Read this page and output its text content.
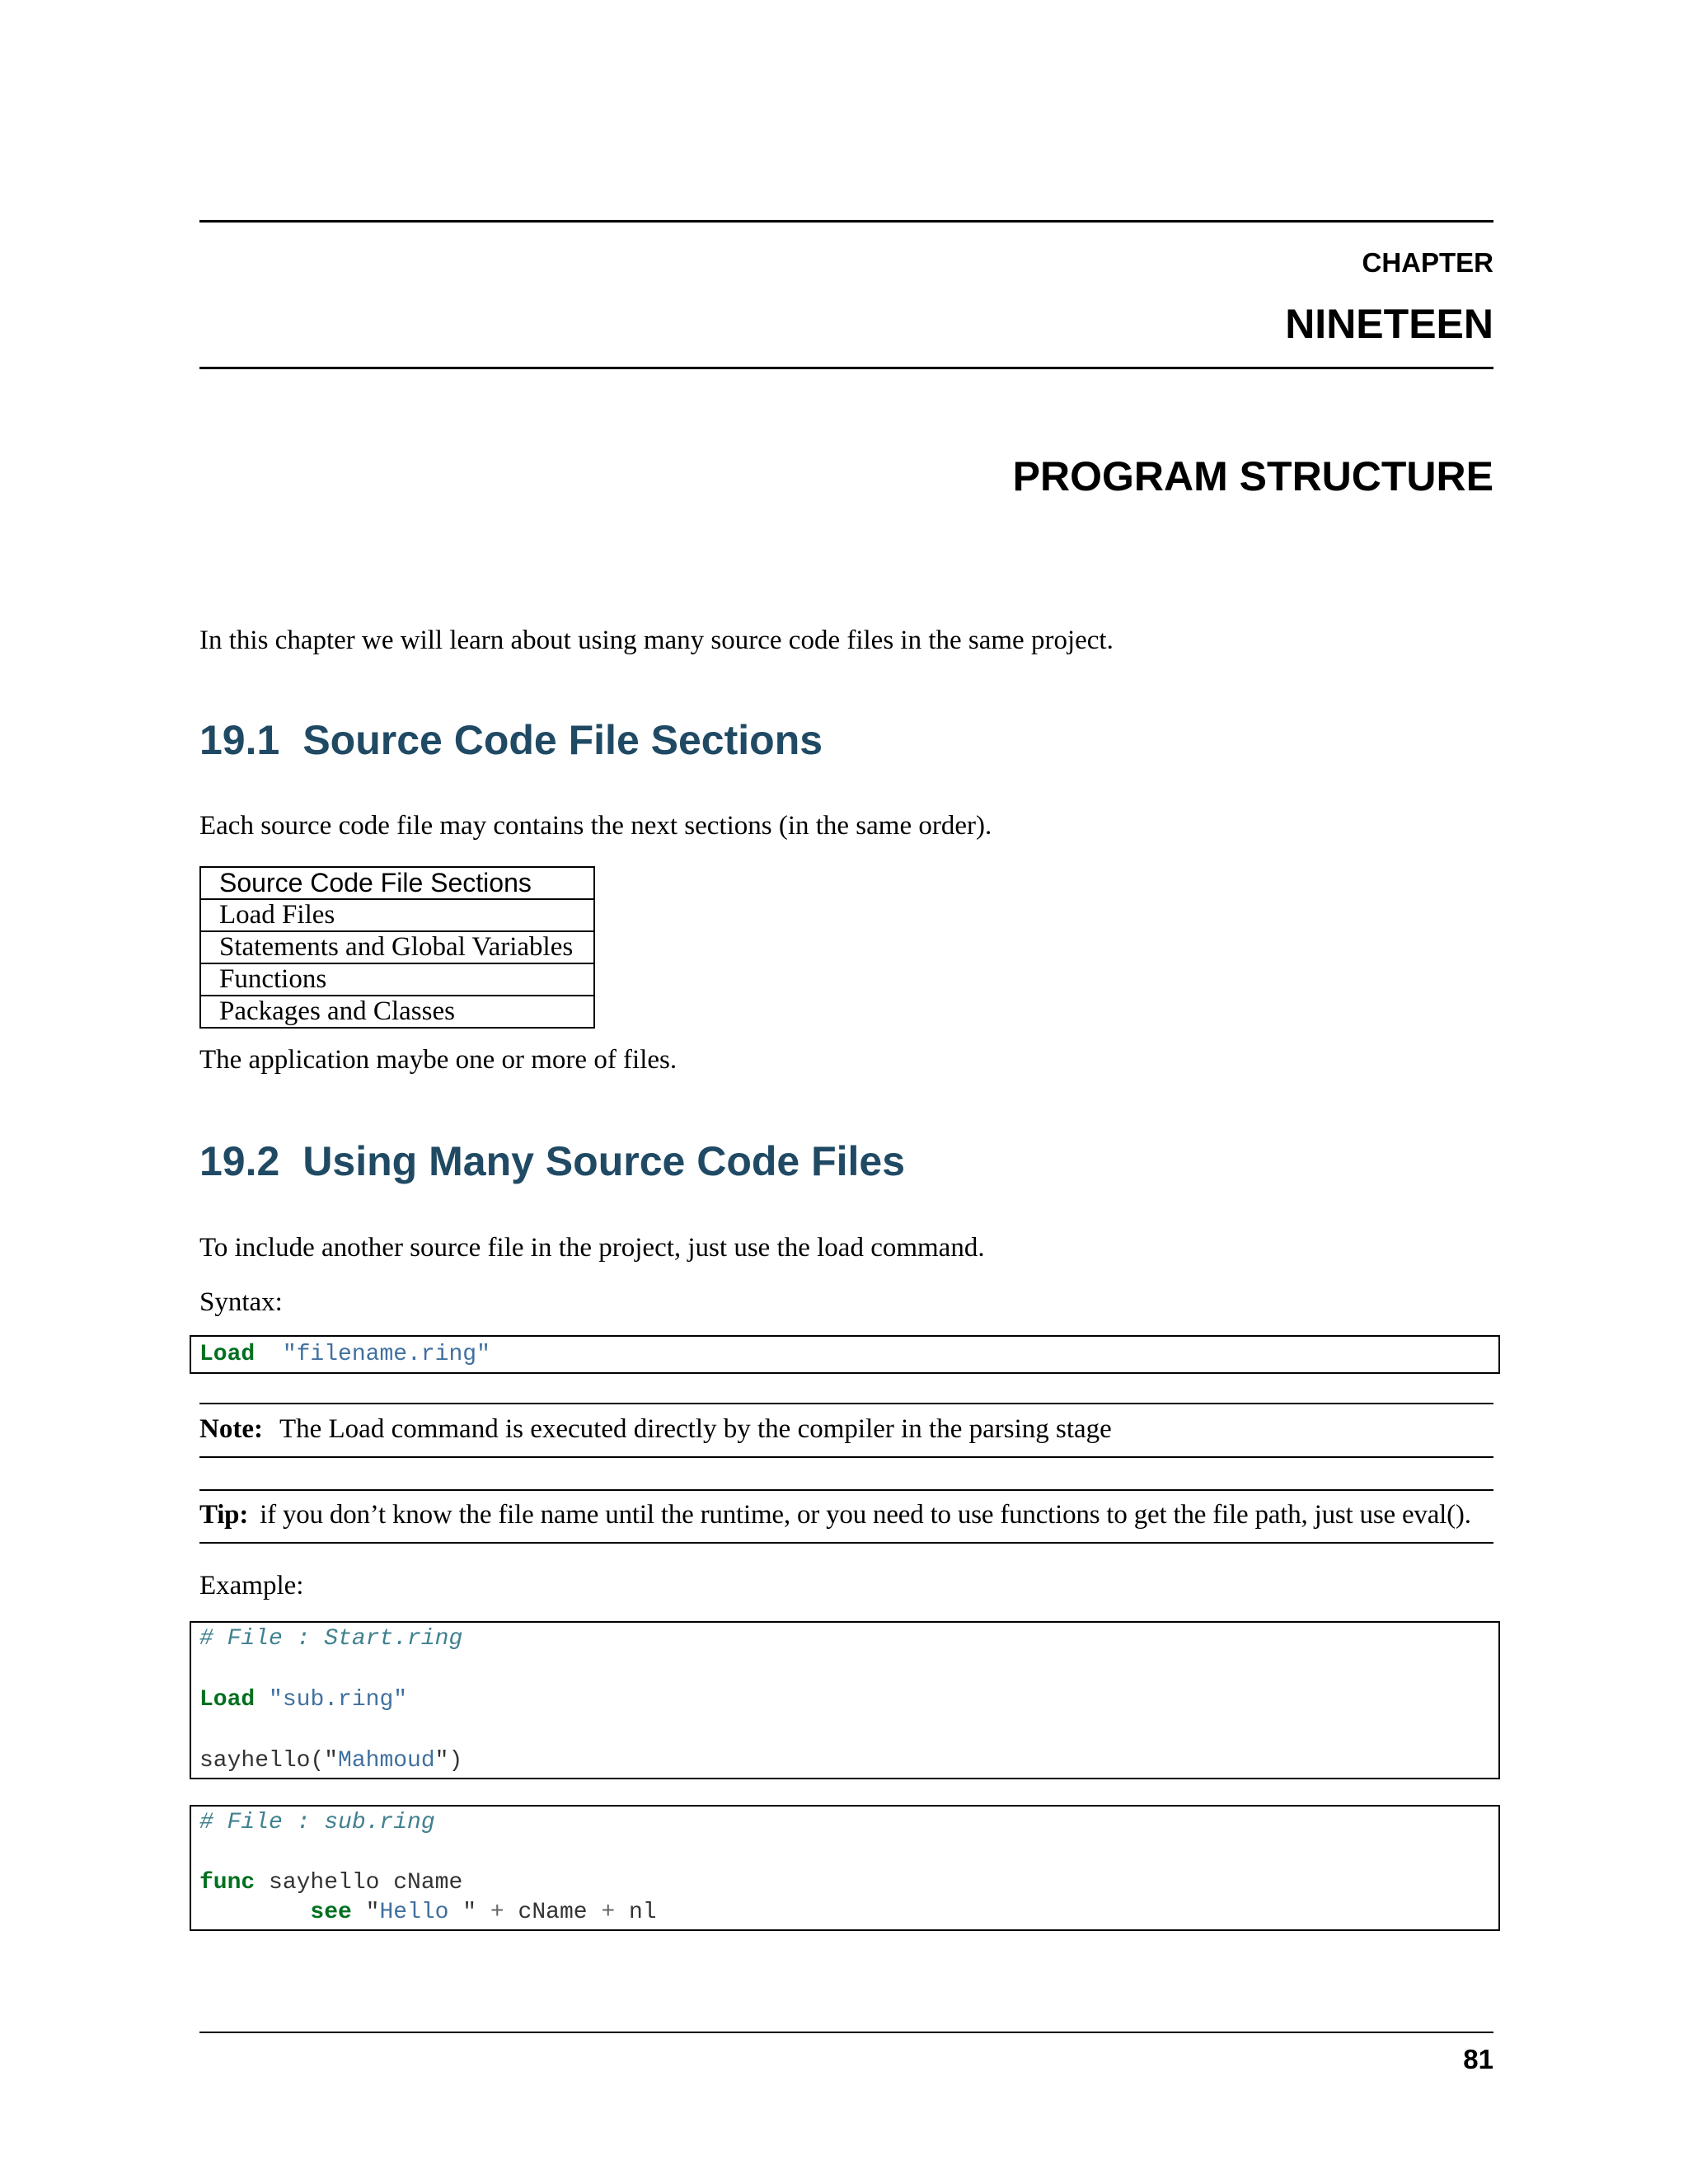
CHAPTER
NINETEEN
PROGRAM STRUCTURE
In this chapter we will learn about using many source code files in the same project.
19.1 Source Code File Sections
Each source code file may contains the next sections (in the same order).
Source Code File Sections
Load Files
Statements and Global Variables
Functions
Packages and Classes
The application maybe one or more of files.
19.2 Using Many Source Code Files
To include another source file in the project, just use the load command.
Syntax:
Load "filename.ring"
Note: The Load command is executed directly by the compiler in the parsing stage
Tip: if you don’t know the file name until the runtime, or you need to use functions to get the file path, just use eval().
Example:
# File : Start.ring
Load "sub.ring"
sayhello("Mahmoud")
# File : sub.ring
func sayhello cName
see "Hello " + cName + nl
81
